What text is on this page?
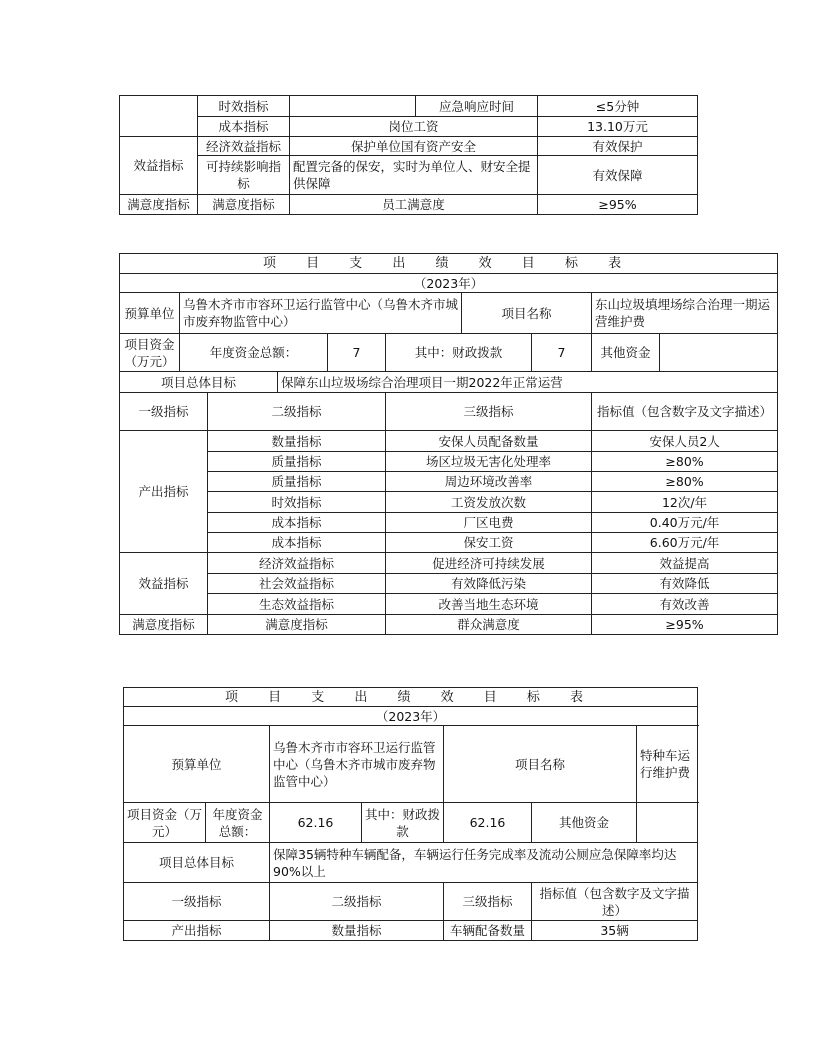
	时效指标		应急响应时间	≤5分钟
	成本指标	岗位工资		13.10万元
效益指标	经济效益指标	保护单位国有资产安全		有效保护
	可持续影响指标	配置完备的保安，实时为单位人、财安全提供保障		有效保障
满意度指标	满意度指标	员工满意度		≥95%
项 目 支 出 绩 效 目 标 表									
（2023年）									
预算单位	乌鲁木齐市市容环卫运行监管中心（乌鲁木齐市城市废弃物监管中心）					项目名称		东山垃圾填埋场综合治理一期运营维护费	
项目资金（万元）	年度资金总额：			7	其中：财政拨款		7	其他资金	
项目总体目标			保障东山垃圾场综合治理项目一期2022年正常运营						
一级指标		二级指标			三级指标			指标值（包含数字及文字描述）	
产出指标		数量指标			安保人员配备数量			安保人员2人	
		质量指标			场区垃圾无害化处理率			≥80%	
		质量指标			周边环境改善率			≥80%	
		时效指标			工资发放次数			12次/年	
		成本指标			厂区电费			0.40万元/年	
		成本指标			保安工资			6.60万元/年	
效益指标		经济效益指标			促进经济可持续发展			效益提高	
		社会效益指标			有效降低污染			有效降低	
		生态效益指标			改善当地生态环境			有效改善	
满意度指标		满意度指标			群众满意度			≥95%	
项 目 支 出 绩 效 目 标 表						
（2023年）						
预算单位		乌鲁木齐市市容环卫运行监管中心（乌鲁木齐市城市废弃物监管中心）		项目名称		特种车运行维护费
项目资金（万元）	年度资金总额：	62.16	其中：财政拨款	62.16	其他资金	
项目总体目标		保障35辆特种车辆配备，车辆运行任务完成率及流动公厕应急保障率均达90%以上				
一级指标		二级指标		三级指标	指标值（包含数字及文字描述）	
产出指标		数量指标		车辆配备数量	35辆	
